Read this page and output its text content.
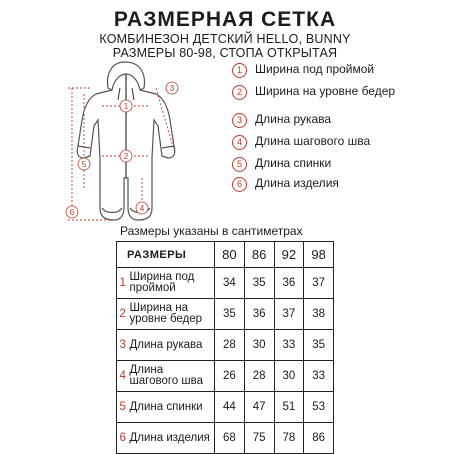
РАЗМЕРНАЯ СЕТКА
КОМБИНЕЗОН ДЕТСКИЙ HELLO, BUNNY
РАЗМЕРЫ 80-98, СТОПА ОТКРЫТАЯ
1
2
3
4
5
6
1	Ширина под проймой
2	Ширина на уровне бедер
3	Длина рукава
4	Длина шагового шва
5	Длина спинки
6	Длина изделия
Размеры указаны в сантиметрах
РАЗМЕРЫ		80	86	92	98
1	Ширина под проймой	34	35	36	37
2	Ширина на уровне бедер	35	36	37	38
3	Длина рукава	28	30	33	35
4	Длина шагового шва	26	28	30	33
5	Длина спинки	44	47	51	53
6	Длина изделия	68	75	78	86
